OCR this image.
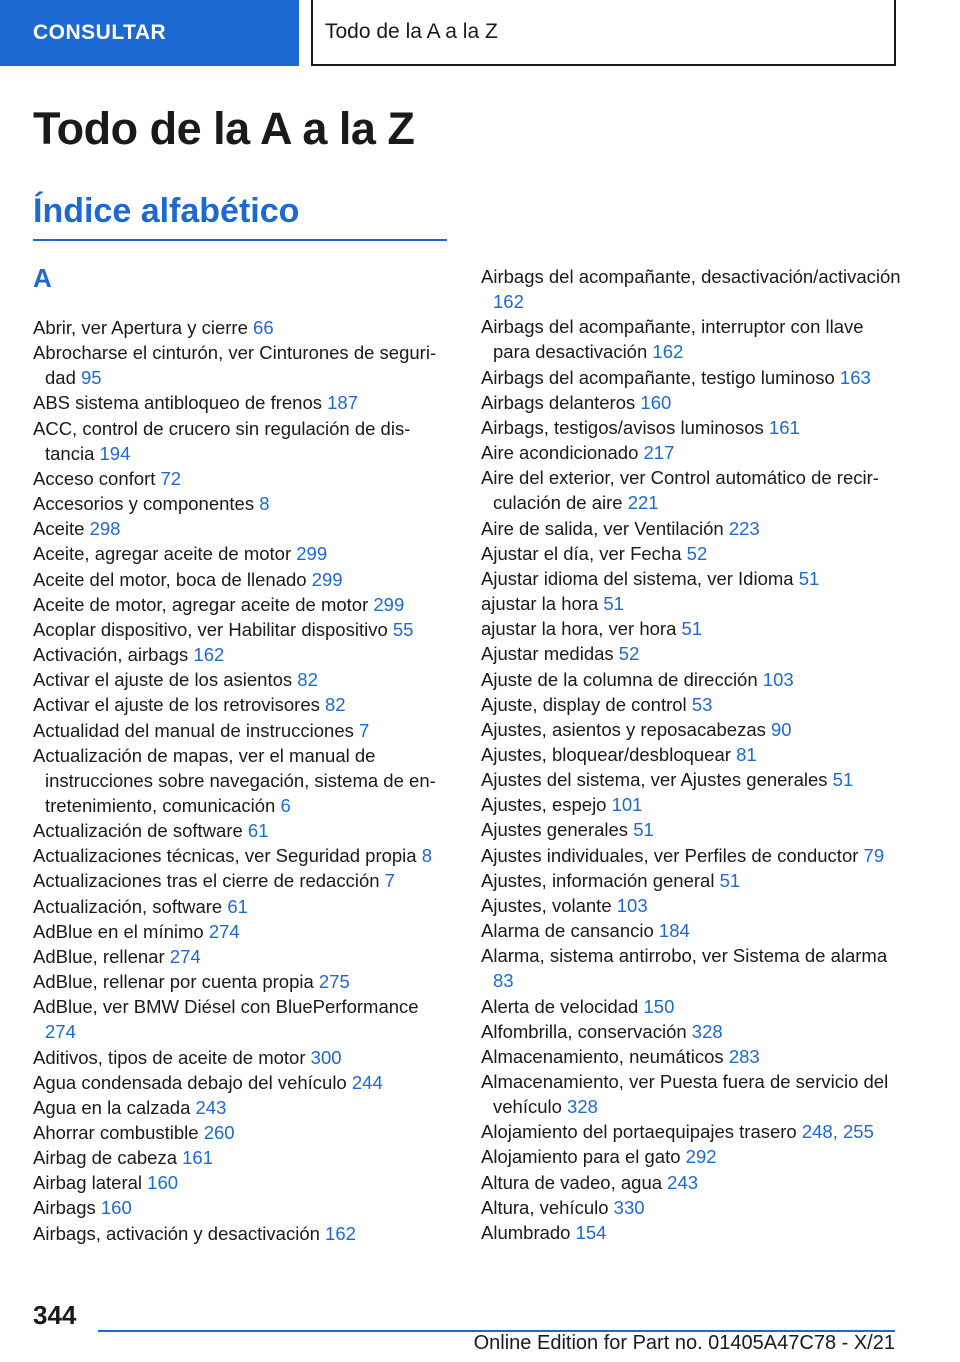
CONSULTAR	Todo de la A a la Z
Todo de la A a la Z
Índice alfabético
A
Abrir, ver Apertura y cierre 66
Abrocharse el cinturón, ver Cinturones de seguridad 95
ABS sistema antibloqueo de frenos 187
ACC, control de crucero sin regulación de distancia 194
Acceso confort 72
Accesorios y componentes 8
Aceite 298
Aceite, agregar aceite de motor 299
Aceite del motor, boca de llenado 299
Aceite de motor, agregar aceite de motor 299
Acoplar dispositivo, ver Habilitar dispositivo 55
Activación, airbags 162
Activar el ajuste de los asientos 82
Activar el ajuste de los retrovisores 82
Actualidad del manual de instrucciones 7
Actualización de mapas, ver el manual de instrucciones sobre navegación, sistema de entretenimiento, comunicación 6
Actualización de software 61
Actualizaciones técnicas, ver Seguridad propia 8
Actualizaciones tras el cierre de redacción 7
Actualización, software 61
AdBlue en el mínimo 274
AdBlue, rellenar 274
AdBlue, rellenar por cuenta propia 275
AdBlue, ver BMW Diésel con BluePerformance 274
Aditivos, tipos de aceite de motor 300
Agua condensada debajo del vehículo 244
Agua en la calzada 243
Ahorrar combustible 260
Airbag de cabeza 161
Airbag lateral 160
Airbags 160
Airbags, activación y desactivación 162
Airbags del acompañante, desactivación/activación 162
Airbags del acompañante, interruptor con llave para desactivación 162
Airbags del acompañante, testigo luminoso 163
Airbags delanteros 160
Airbags, testigos/avisos luminosos 161
Aire acondicionado 217
Aire del exterior, ver Control automático de recirculación de aire 221
Aire de salida, ver Ventilación 223
Ajustar el día, ver Fecha 52
Ajustar idioma del sistema, ver Idioma 51
ajustar la hora 51
ajustar la hora, ver hora 51
Ajustar medidas 52
Ajuste de la columna de dirección 103
Ajuste, display de control 53
Ajustes, asientos y reposacabezas 90
Ajustes, bloquear/desbloquear 81
Ajustes del sistema, ver Ajustes generales 51
Ajustes, espejo 101
Ajustes generales 51
Ajustes individuales, ver Perfiles de conductor 79
Ajustes, información general 51
Ajustes, volante 103
Alarma de cansancio 184
Alarma, sistema antirrobo, ver Sistema de alarma 83
Alerta de velocidad 150
Alfombrilla, conservación 328
Almacenamiento, neumáticos 283
Almacenamiento, ver Puesta fuera de servicio del vehículo 328
Alojamiento del portaequipajes trasero 248, 255
Alojamiento para el gato 292
Altura de vadeo, agua 243
Altura, vehículo 330
Alumbrado 154
344
Online Edition for Part no. 01405A47C78 - X/21
